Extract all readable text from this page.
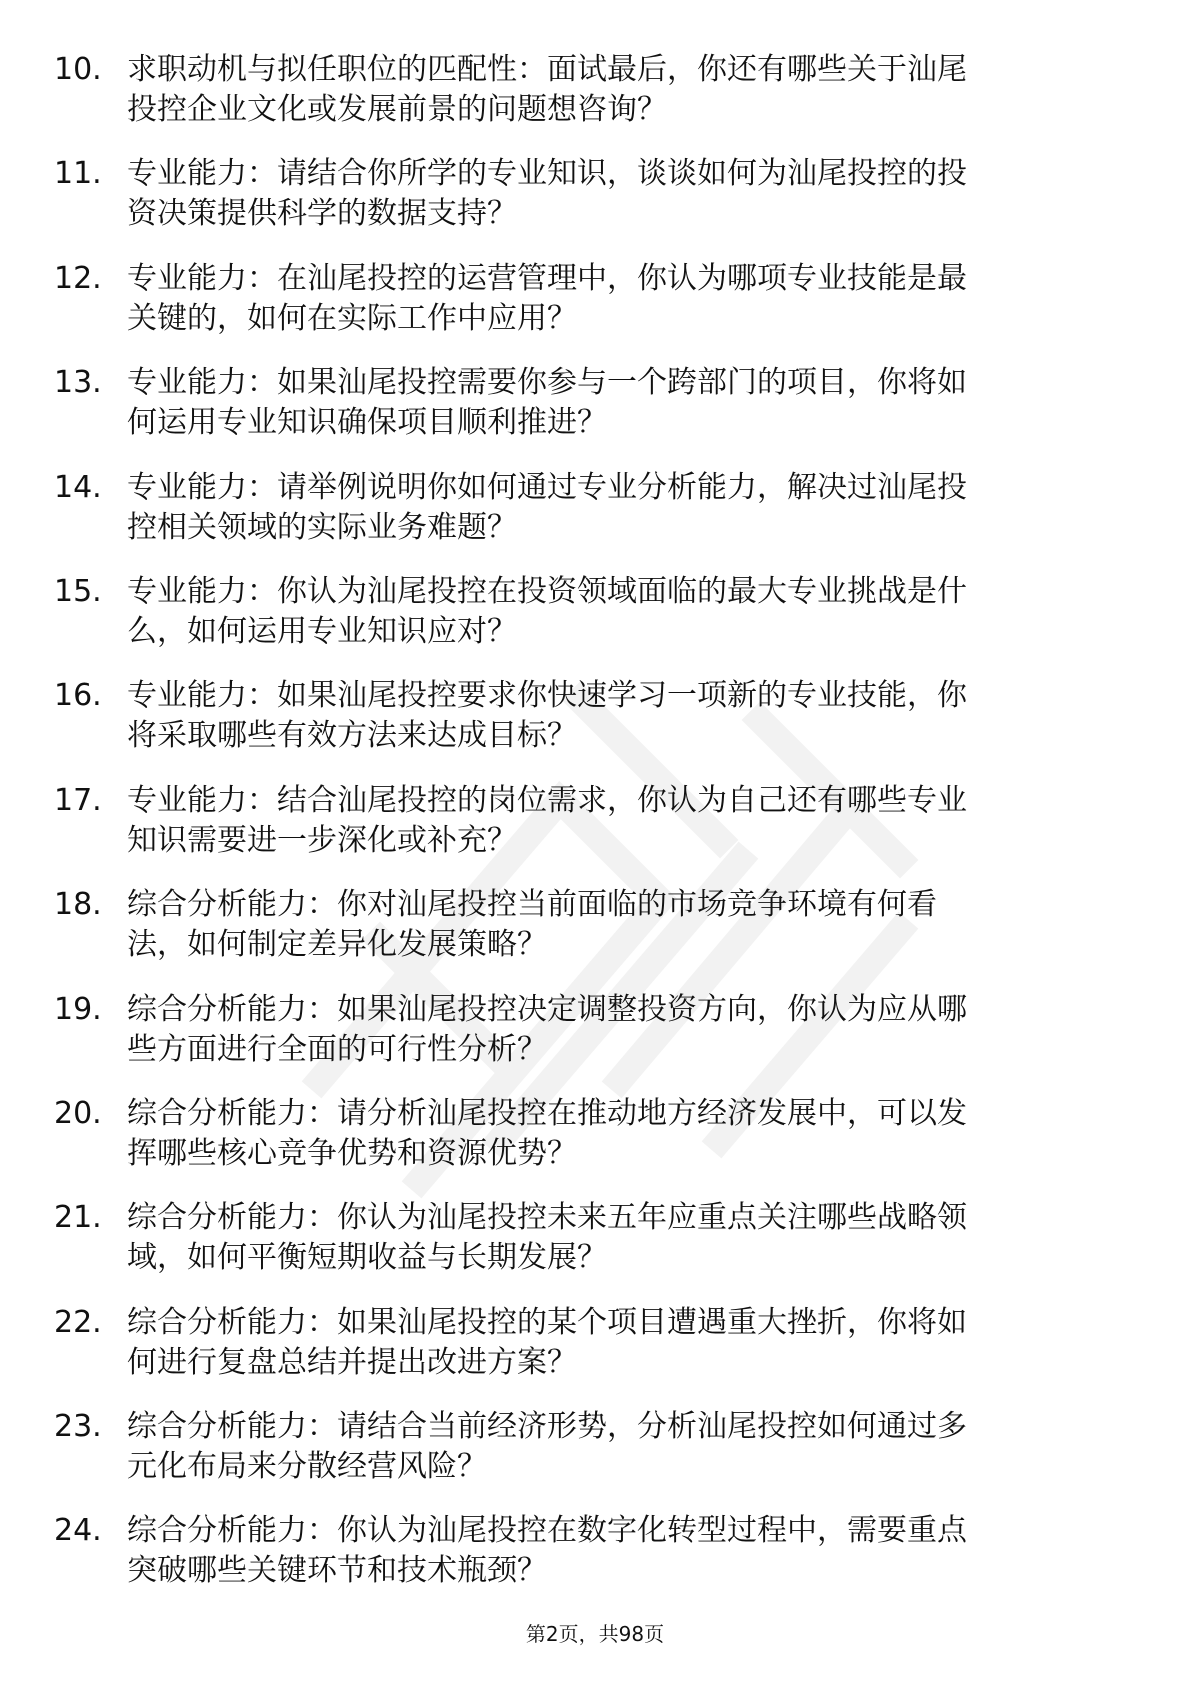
10. 求职动机与拟任职位的匹配性：面试最后，你还有哪些关于汕尾
投控企业文化或发展前景的问题想咨询？
11. 专业能力：请结合你所学的专业知识，谈谈如何为汕尾投控的投
资决策提供科学的数据支持？
12. 专业能力：在汕尾投控的运营管理中，你认为哪项专业技能是最
关键的，如何在实际工作中应用？
13. 专业能力：如果汕尾投控需要你参与一个跨部门的项目，你将如
何运用专业知识确保项目顺利推进？
14. 专业能力：请举例说明你如何通过专业分析能力，解决过汕尾投
控相关领域的实际业务难题？
15. 专业能力：你认为汕尾投控在投资领域面临的最大专业挑战是什
么，如何运用专业知识应对？
16. 专业能力：如果汕尾投控要求你快速学习一项新的专业技能，你
将采取哪些有效方法来达成目标？
17. 专业能力：结合汕尾投控的岗位需求，你认为自己还有哪些专业
知识需要进一步深化或补充？
18. 综合分析能力：你对汕尾投控当前面临的市场竞争环境有何看
法，如何制定差异化发展策略？
19. 综合分析能力：如果汕尾投控决定调整投资方向，你认为应从哪
些方面进行全面的可行性分析？
20. 综合分析能力：请分析汕尾投控在推动地方经济发展中，可以发
挥哪些核心竞争优势和资源优势？
21. 综合分析能力：你认为汕尾投控未来五年应重点关注哪些战略领
域，如何平衡短期收益与长期发展？
22. 综合分析能力：如果汕尾投控的某个项目遭遇重大挫折，你将如
何进行复盘总结并提出改进方案？
23. 综合分析能力：请结合当前经济形势，分析汕尾投控如何通过多
元化布局来分散经营风险？
24. 综合分析能力：你认为汕尾投控在数字化转型过程中，需要重点
突破哪些关键环节和技术瓶颈？
第2页，共98页
